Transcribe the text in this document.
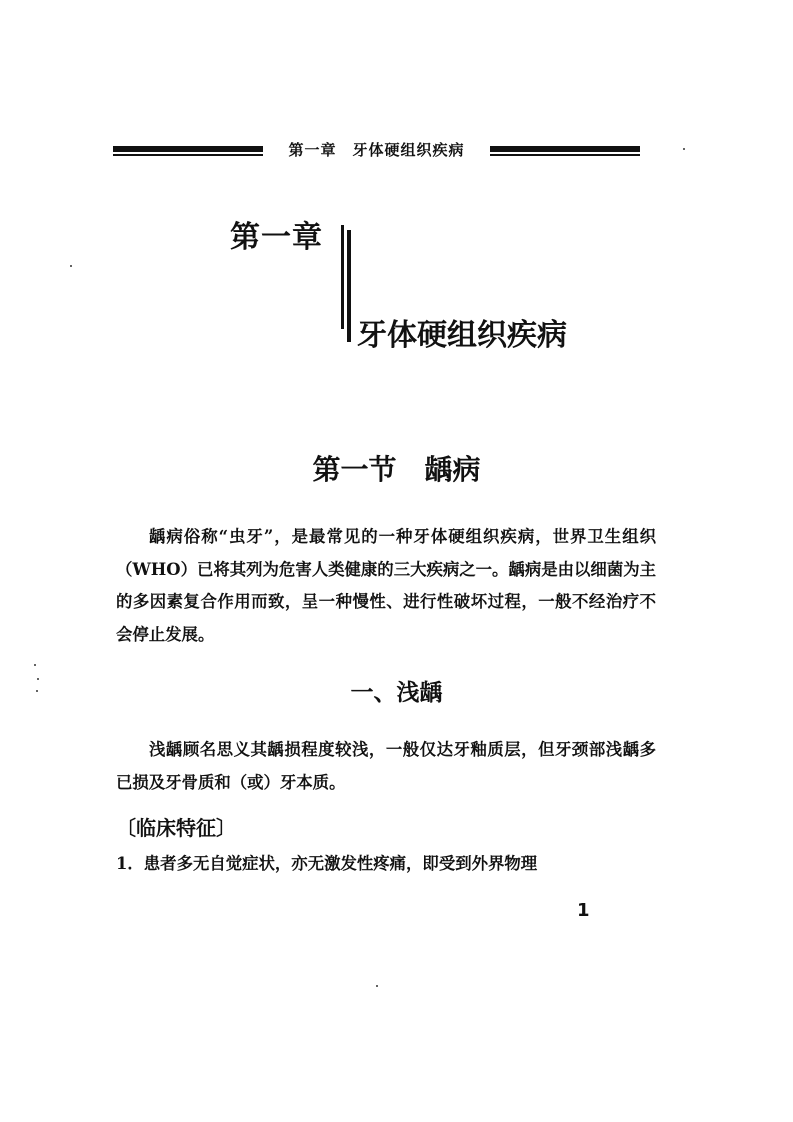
第一章　牙体硬组织疾病
第一章
牙体硬组织疾病
第一节　龋病
龋病俗称“虫牙”，是最常见的一种牙体硬组织疾病，世界卫生组织（WHO）已将其列为危害人类健康的三大疾病之一。龋病是由以细菌为主的多因素复合作用而致，呈一种慢性、进行性破坏过程，一般不经治疗不会停止发展。
一、浅龋
浅龋顾名思义其龋损程度较浅，一般仅达牙釉质层，但牙颈部浅龋多已损及牙骨质和（或）牙本质。
〔临床特征〕
1．患者多无自觉症状，亦无激发性疼痛，即受到外界物理
1
